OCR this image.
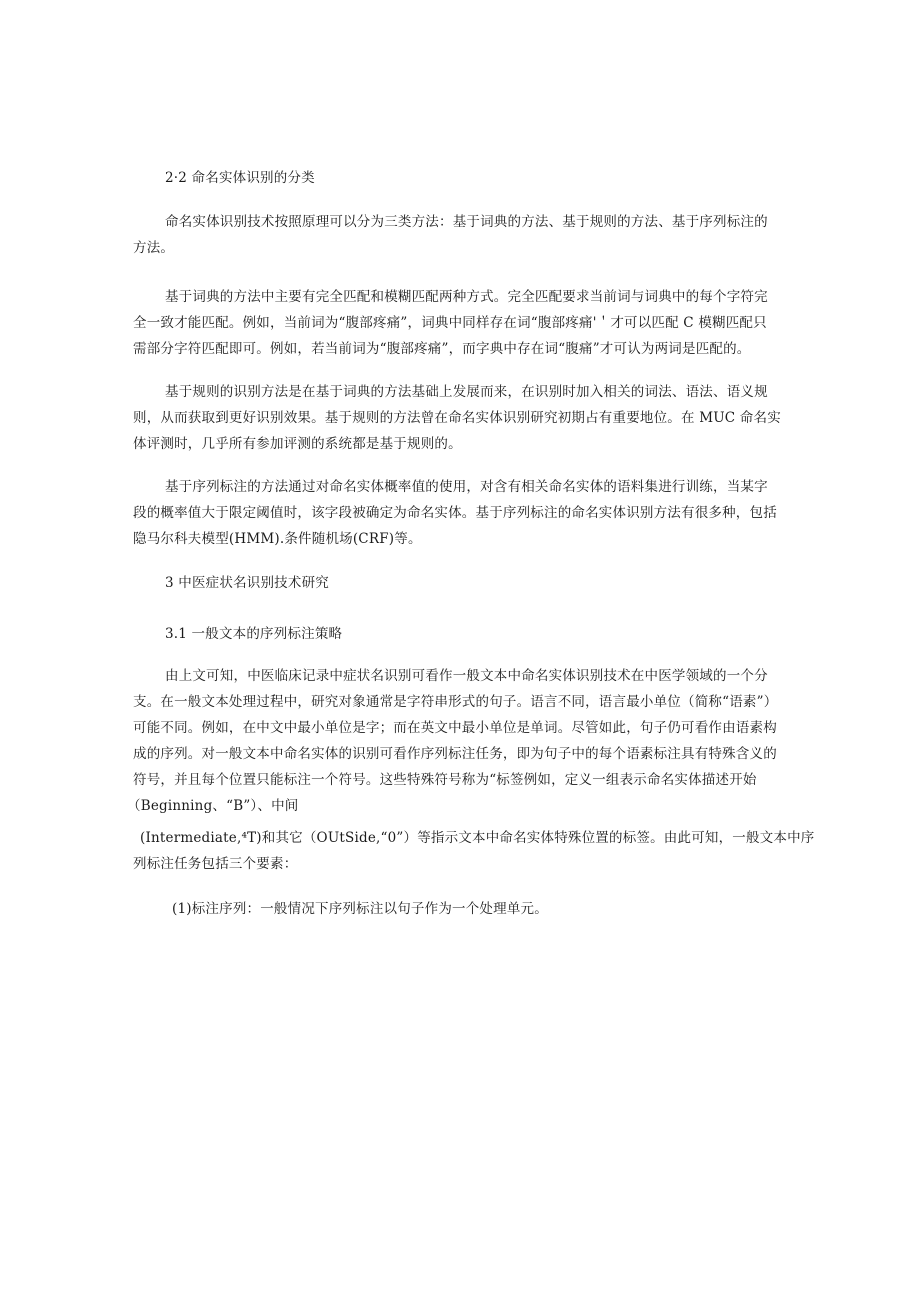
2·2 命名实体识别的分类
命名实体识别技术按照原理可以分为三类方法：基于词典的方法、基于规则的方法、基于序列标注的
方法。
基于词典的方法中主要有完全匹配和模糊匹配两种方式。完全匹配要求当前词与词典中的每个字符完
全一致才能匹配。例如，当前词为“腹部疼痛”，词典中同样存在词“腹部疼痛'＇才可以匹配 C 模糊匹配只
需部分字符匹配即可。例如，若当前词为“腹部疼痛”，而字典中存在词“腹痛”才可认为两词是匹配的。
基于规则的识别方法是在基于词典的方法基础上发展而来，在识别时加入相关的词法、语法、语义规
则，从而获取到更好识别效果。基于规则的方法曾在命名实体识别研究初期占有重要地位。在 MUC 命名实
体评测时，几乎所有参加评测的系统都是基于规则的。
基于序列标注的方法通过对命名实体概率值的使用，对含有相关命名实体的语料集进行训练，当某字
段的概率值大于限定阈值时，该字段被确定为命名实体。基于序列标注的命名实体识别方法有很多种，包括
隐马尔科夫模型(HMM).条件随机场(CRF)等。
3 中医症状名识别技术研究
3.1 一般文本的序列标注策略
由上文可知，中医临床记录中症状名识别可看作一般文本中命名实体识别技术在中医学领域的一个分
支。在一般文本处理过程中，研究对象通常是字符串形式的句子。语言不同，语言最小单位（简称“语素”）
可能不同。例如，在中文中最小单位是字；而在英文中最小单位是单词。尽管如此，句子仍可看作由语素构
成的序列。对一般文本中命名实体的识别可看作序列标注任务，即为句子中的每个语素标注具有特殊含义的
符号，并且每个位置只能标注一个符号。这些特殊符号称为“标签例如，定义一组表示命名实体描述开始
（Beginning、“B”）、中间
(Intermediate,⁴T)和其它（OUtSide,“0”）等指示文本中命名实体特殊位置的标签。由此可知，一般文本中序
列标注任务包括三个要素：
(1)标注序列：一般情况下序列标注以句子作为一个处理单元。
